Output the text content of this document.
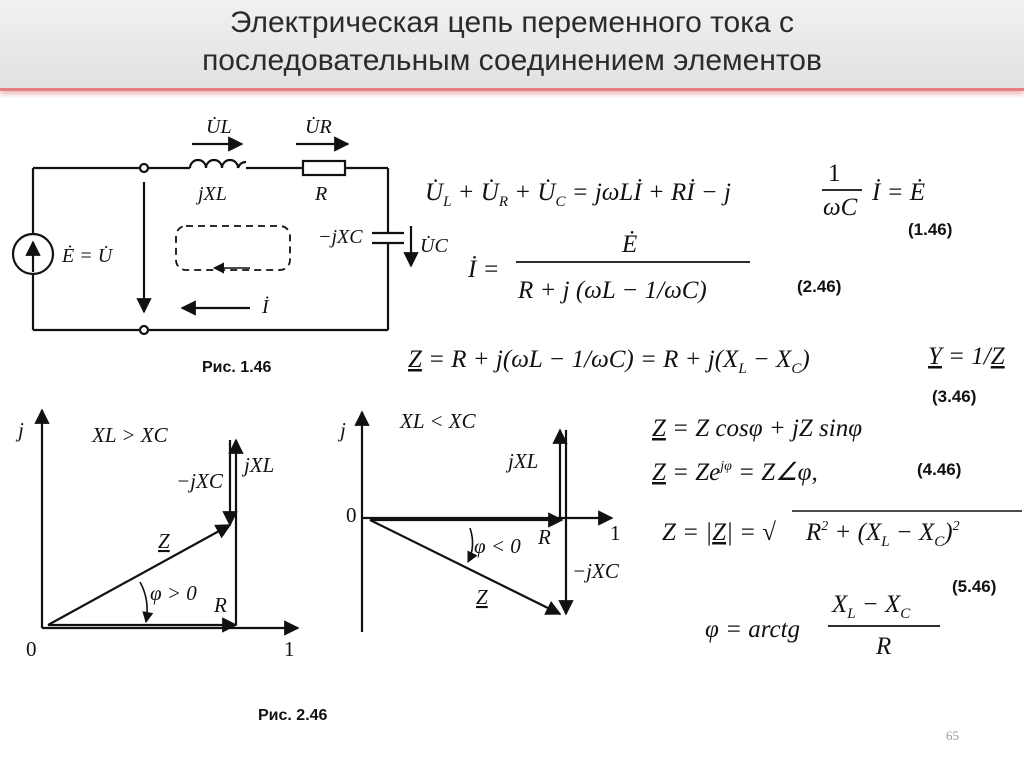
Электрическая цепь переменного тока с
последовательным соединением элементов
Ė = U̇
U̇L	U̇R
jXL	R
−jXC	U̇C
İ
Рис. 1.46
$U̇_L$ + $U̇_R$ + $U̇_C$ = jωLİ + Rİ − j
1
ωC
İ = Ė
İ =
Ė
R + j (ωL − 1/ωC)
$Z = R + j(\omega L - 1/\omega C) = R + j(X_L - X_C)$	Y = 1/Z
Z = Z cosφ + jZ sinφ
$Z = Ze^{j\varphi}$ = Z∠φ,
Z = |Z| = √ $R^2 + (X_L - X_C)^2$
φ = arctg
$X_L - X_C$
R
(1.46)
(2.46)
(3.46)
(4.46)
(5.46)
j
0	1
XL > XC
−jXC
jXL
Z
φ > 0 R
j
0
1
XL < XC
jXL
−jXC
Z
φ < 0 R
Рис. 2.46
65
